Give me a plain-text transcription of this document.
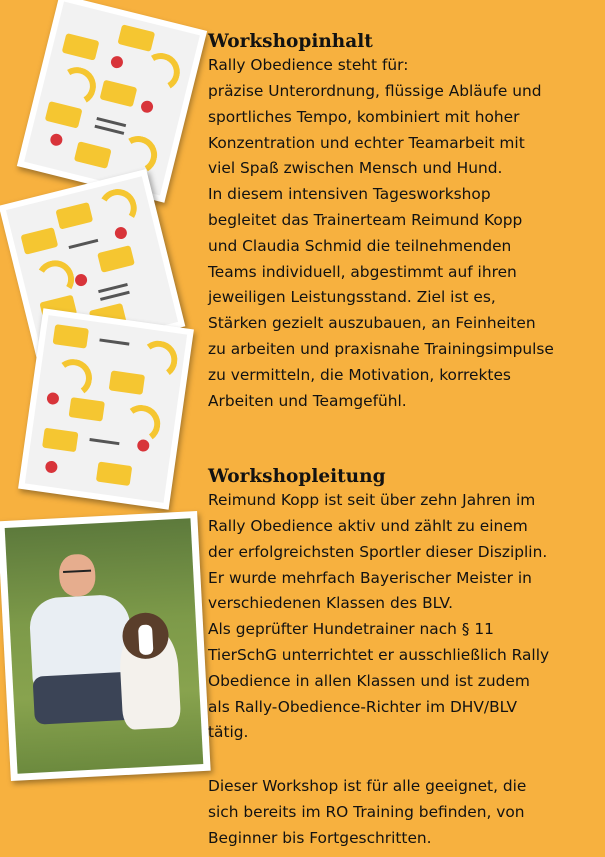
Workshopinhalt
Rally Obedience steht für:
präzise Unterordnung, flüssige Abläufe und
sportliches Tempo, kombiniert mit hoher
Konzentration und echter Teamarbeit mit
viel Spaß zwischen Mensch und Hund.
In diesem intensiven Tagesworkshop
begleitet das Trainerteam Reimund Kopp
und Claudia Schmid die teilnehmenden
Teams individuell, abgestimmt auf ihren
jeweiligen Leistungsstand. Ziel ist es,
Stärken gezielt auszubauen, an Feinheiten
zu arbeiten und praxisnahe Trainingsimpulse
zu vermitteln, die Motivation, korrektes
Arbeiten und Teamgefühl.
Workshopleitung
Reimund Kopp ist seit über zehn Jahren im
Rally Obedience aktiv und zählt zu einem
der erfolgreichsten Sportler dieser Disziplin.
Er wurde mehrfach Bayerischer Meister in
verschiedenen Klassen des BLV.
Als geprüfter Hundetrainer nach § 11
TierSchG unterrichtet er ausschließlich Rally
Obedience in allen Klassen und ist zudem
als Rally-Obedience-Richter im DHV/BLV
tätig.
Dieser Workshop ist für alle geeignet, die
sich bereits im RO Training befinden, von
Beginner bis Fortgeschritten.
